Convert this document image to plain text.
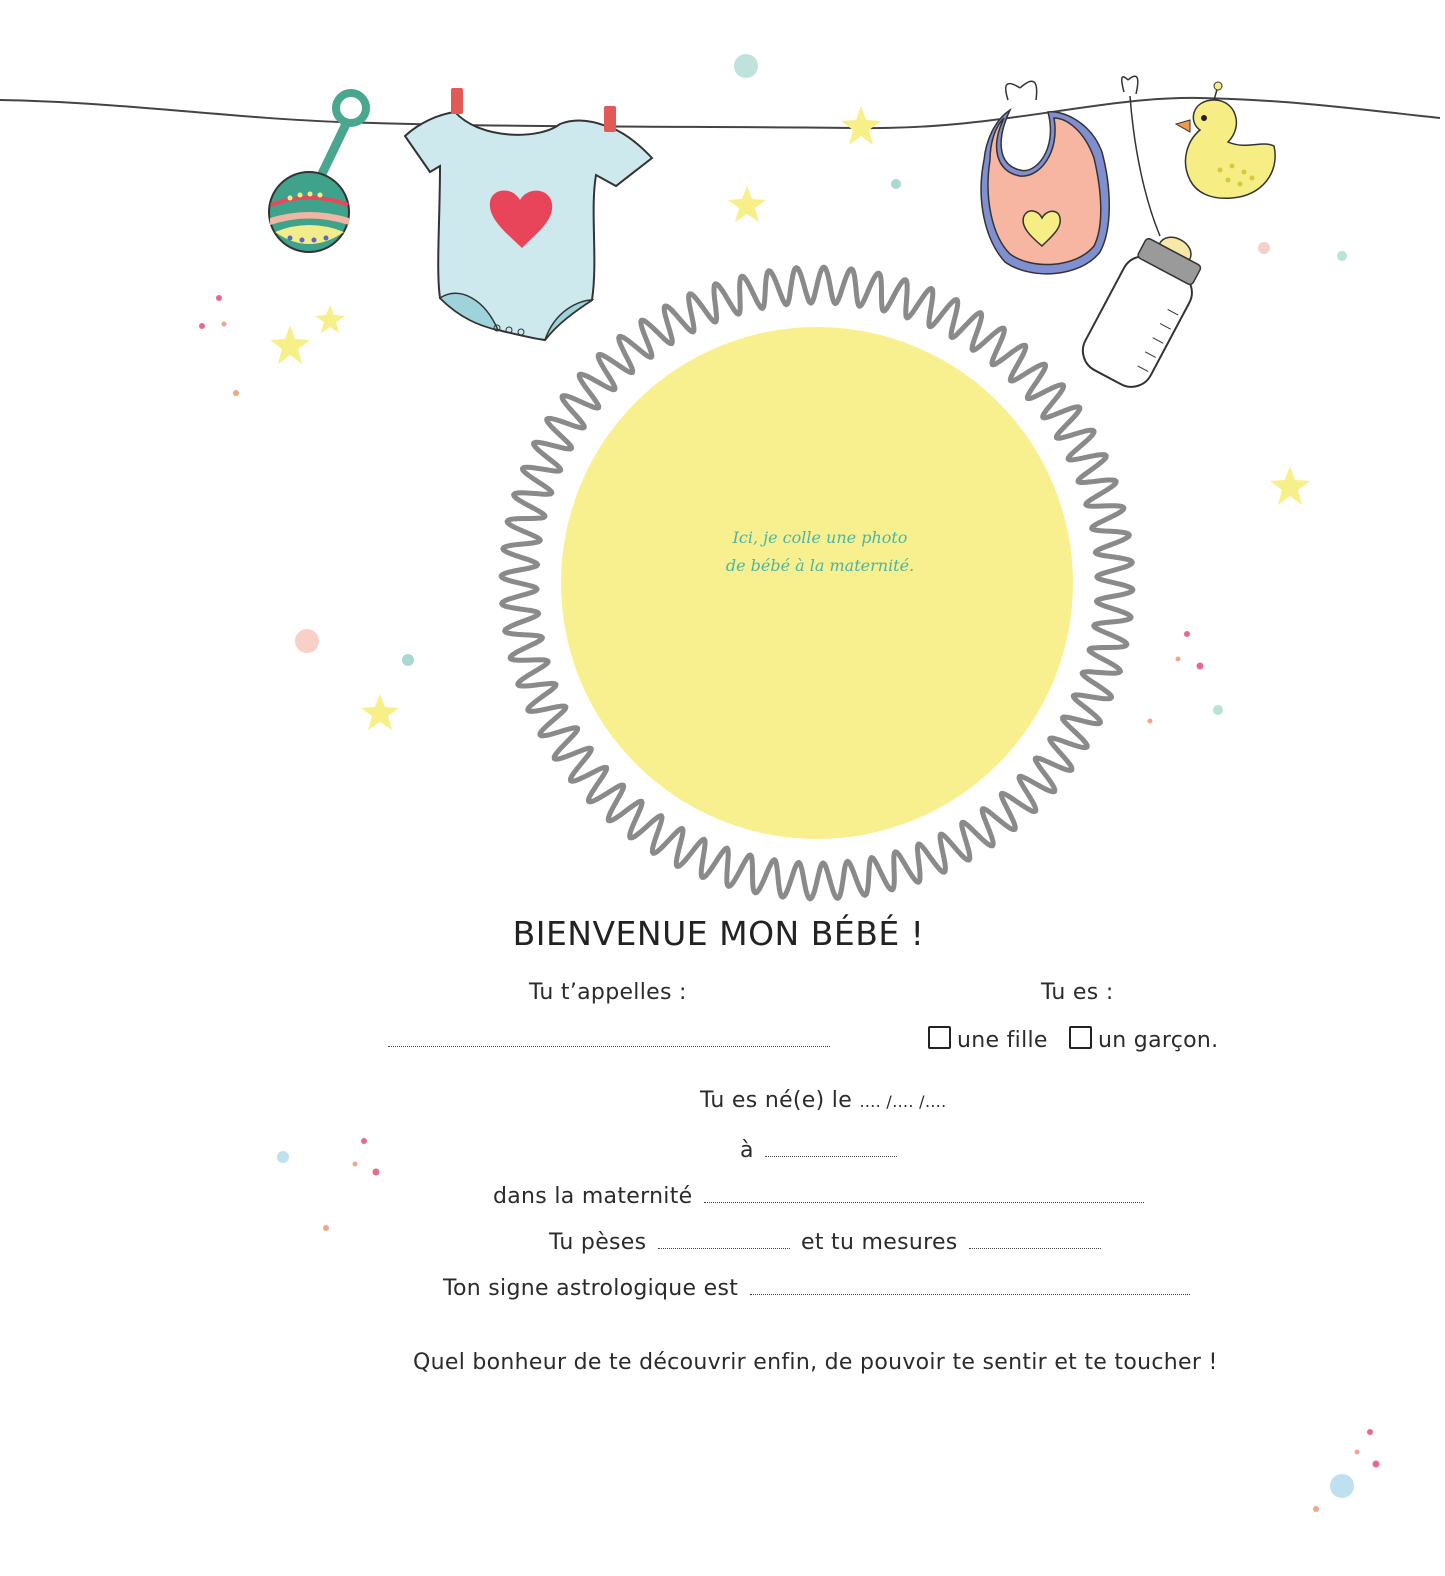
Ici, je colle une photo
de bébé à la maternité.
BIENVENUE MON BÉBÉ !
Tu t’appelles :	Tu es :
une fille un garçon.
Tu es né(e) le …. /…. /….
à
dans la maternité
Tu pèses	et tu mesures
Ton signe astrologique est
Quel bonheur de te découvrir enfin, de pouvoir te sentir et te toucher !
